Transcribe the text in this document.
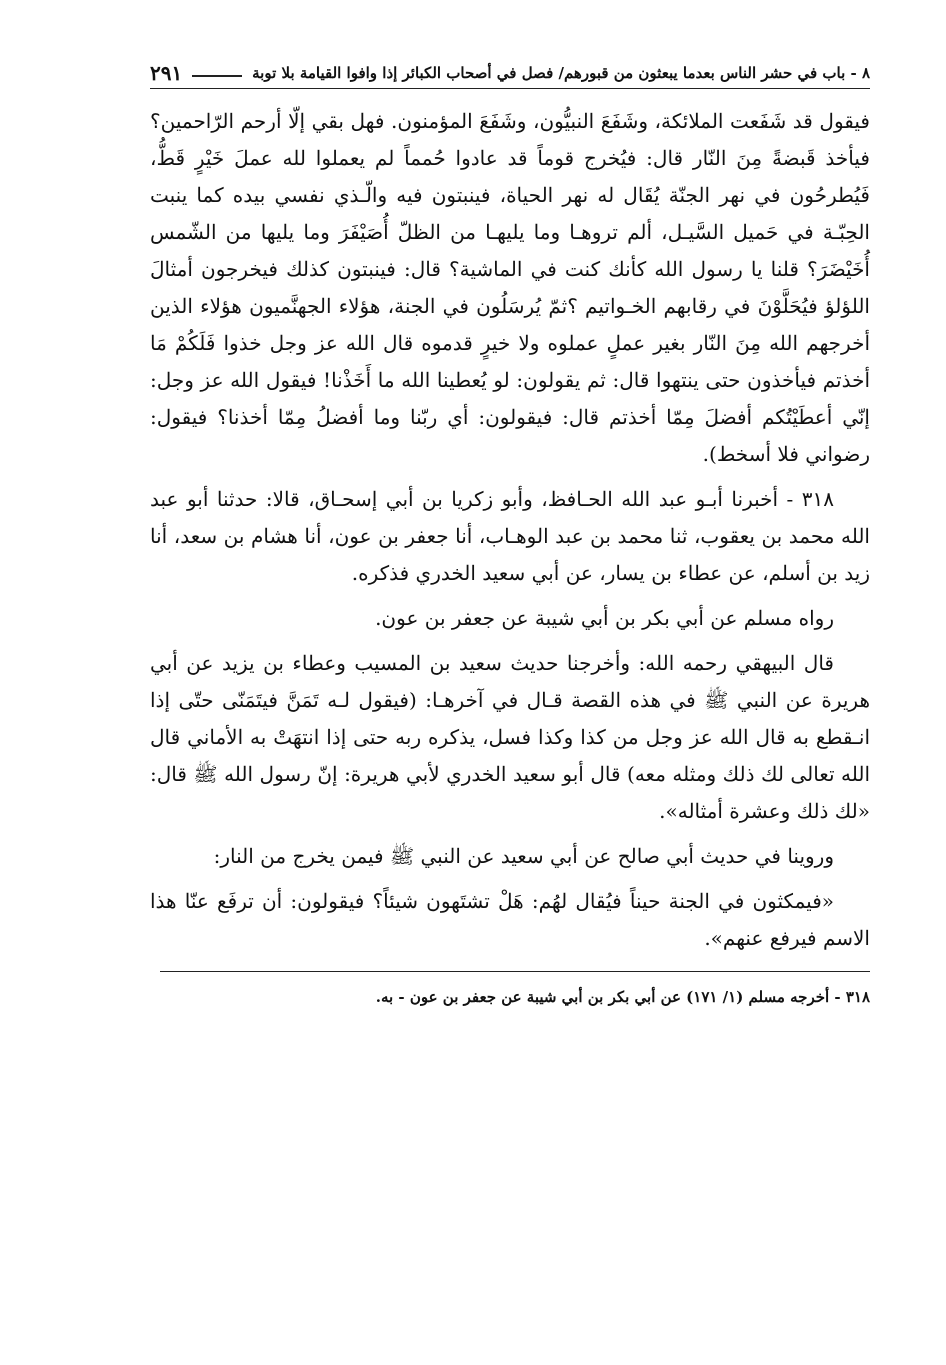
٨ - باب في حشر الناس بعدما يبعثون من قبورهم/ فصل في أصحاب الكبائر إذا وافوا القيامة بلا توبة
٢٩١

فيقول قد شَفَعت الملائكة، وشَفَعَ النبيُّون، وشَفَعَ المؤمنون. فهل بقي إلّا أرحم الرّاحمين؟ فيأخذ قَبضةً مِنَ النّار قال: فيُخرج قوماً قد عادوا حُمماً لم يعملوا لله عملَ خَيْرٍ قَطُّ، فَيُطرحُون في نهر الجنّة يُقَال له نهر الحياة، فينبتون فيه والّـذي نفسي بيده كما ينبت الحِبّـة في حَميل السَّيـل، ألم تروهـا وما يليهـا من الظلّ أُصَيْفَرَ وما يليها من الشّمس أُخَيْضَرَ؟ قلنا يا رسول الله كأنك كنت في الماشية؟ قال: فينبتون كذلك فيخرجون أمثالَ اللؤلؤ فيُحَلَّوْنَ في رقابهم الخـواتيم ؟ثمّ يُرسَلُون في الجنة، هؤلاء الجهنَّميون هؤلاء الذين أخرجهم الله مِنَ النّار بغير عملٍ عملوه ولا خيرٍ قدموه قال الله عز وجل خذوا فَلَكُمْ مَا أخذتم فيأخذون حتى ينتهوا قال: ثم يقولون: لو يُعطينا الله ما أَخَذْنا! فيقول الله عز وجل: إنّي أعطَيْتُكم أفضلَ مِمّا أخذتم قال: فيقولون: أي ربّنا وما أفضلُ مِمّا أخذنا؟ فيقول: رضواني فلا أسخط).

٣١٨ - أخبرنا أبـو عبد الله الحـافظ، وأبو زكريا بن أبي إسحـاق، قالا: حدثنا أبو عبد الله محمد بن يعقوب، ثنا محمد بن عبد الوهـاب، أنا جعفر بن عون، أنا هشام بن سعد، أنا زيد بن أسلم، عن عطاء بن يسار، عن أبي سعيد الخدري فذكره.

رواه مسلم عن أبي بكر بن أبي شيبة عن جعفر بن عون.

قال البيهقي رحمه الله: وأخرجنا حديث سعيد بن المسيب وعطاء بن يزيد عن أبي هريرة عن النبي ﷺ في هذه القصة قـال في آخرهـا: (فيقول لـه تَمَنَّ فيتَمَنّى حتّى إذا انـقطع به قال الله عز وجل من كذا وكذا فسل، يذكره ربه حتى إذا انتهَتْ به الأماني قال الله تعالى لك ذلك ومثله معه) قال أبو سعيد الخدري لأبي هريرة: إنّ رسول الله ﷺ قال: «لك ذلك وعشرة أمثاله».

وروينا في حديث أبي صالح عن أبي سعيد عن النبي ﷺ فيمن يخرج من النار:

«فيمكثون في الجنة حيناً فيُقال لهُم: هَلْ تشتَهون شيئاً؟ فيقولون: أن ترفَع عنّا هذا الاسم فيرفع عنهم».

٣١٨ - أخرجه مسلم (١/ ١٧١) عن أبي بكر بن أبي شيبة عن جعفر بن عون - به.
